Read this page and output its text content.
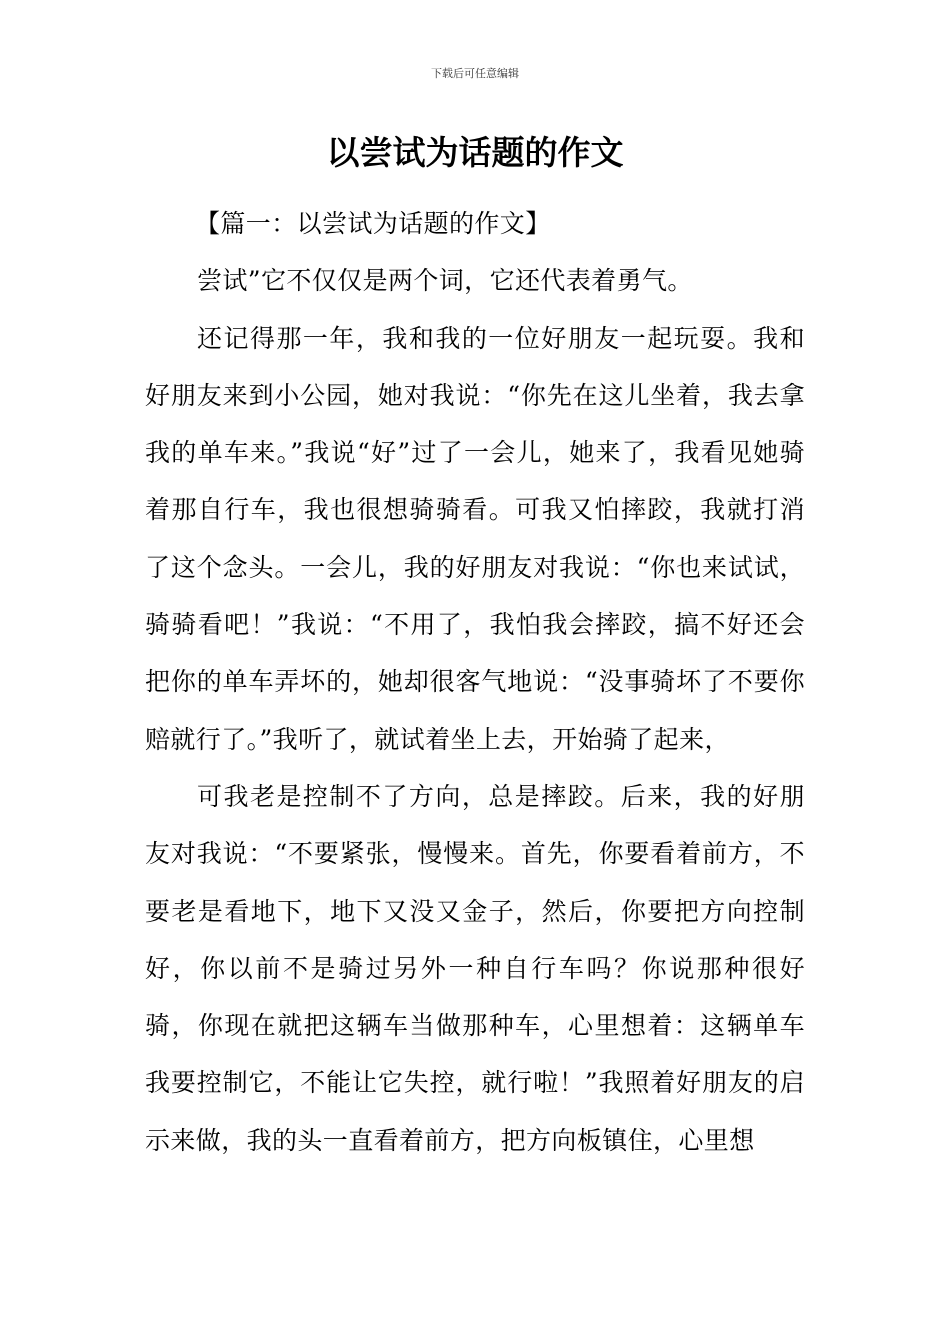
下载后可任意编辑
以尝试为话题的作文

【篇一：以尝试为话题的作文】

尝试”它不仅仅是两个词，它还代表着勇气。

还记得那一年，我和我的一位好朋友一起玩耍。我和好朋友来到小公园，她对我说：“你先在这儿坐着，我去拿我的单车来。”我说“好”过了一会儿，她来了，我看见她骑着那自行车，我也很想骑骑看。可我又怕摔跤，我就打消了这个念头。一会儿，我的好朋友对我说：“你也来试试，骑骑看吧！”我说：“不用了，我怕我会摔跤，搞不好还会把你的单车弄坏的，她却很客气地说：“没事骑坏了不要你赔就行了。”我听了，就试着坐上去，开始骑了起来，

可我老是控制不了方向，总是摔跤。后来，我的好朋友对我说：“不要紧张，慢慢来。首先，你要看着前方，不要老是看地下，地下又没又金子，然后，你要把方向控制好，你以前不是骑过另外一种自行车吗？你说那种很好骑，你现在就把这辆车当做那种车，心里想着：这辆单车我要控制它，不能让它失控，就行啦！”我照着好朋友的启示来做，我的头一直看着前方，把方向板镇住，心里想
